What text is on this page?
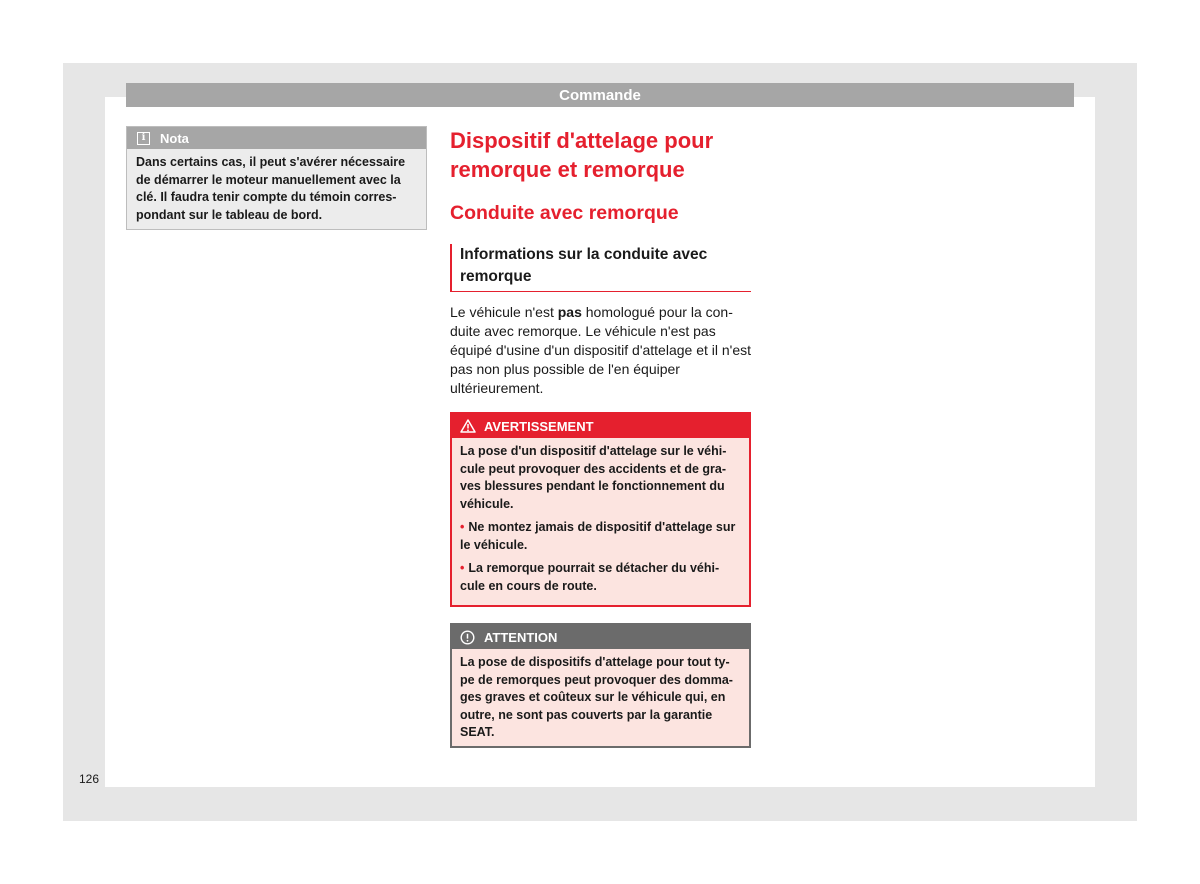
Commande
i	Nota
Dans certains cas, il peut s'avérer nécessaire de démarrer le moteur manuellement avec la clé. Il faudra tenir compte du témoin corres- pondant sur le tableau de bord.
Dispositif d'attelage pour remorque et remorque
Conduite avec remorque
Informations sur la conduite avec remorque
Le véhicule n'est pas homologué pour la con- duite avec remorque. Le véhicule n'est pas équipé d'usine d'un dispositif d'attelage et il n'est pas non plus possible de l'en équiper ultérieurement.
AVERTISSEMENT

La pose d'un dispositif d'attelage sur le véhi- cule peut provoquer des accidents et de gra- ves blessures pendant le fonctionnement du véhicule.

• Ne montez jamais de dispositif d'attelage sur le véhicule.

• La remorque pourrait se détacher du véhi- cule en cours de route.

ATTENTION
La pose de dispositifs d'attelage pour tout ty- pe de remorques peut provoquer des domma- ges graves et coûteux sur le véhicule qui, en outre, ne sont pas couverts par la garantie SEAT.
126
